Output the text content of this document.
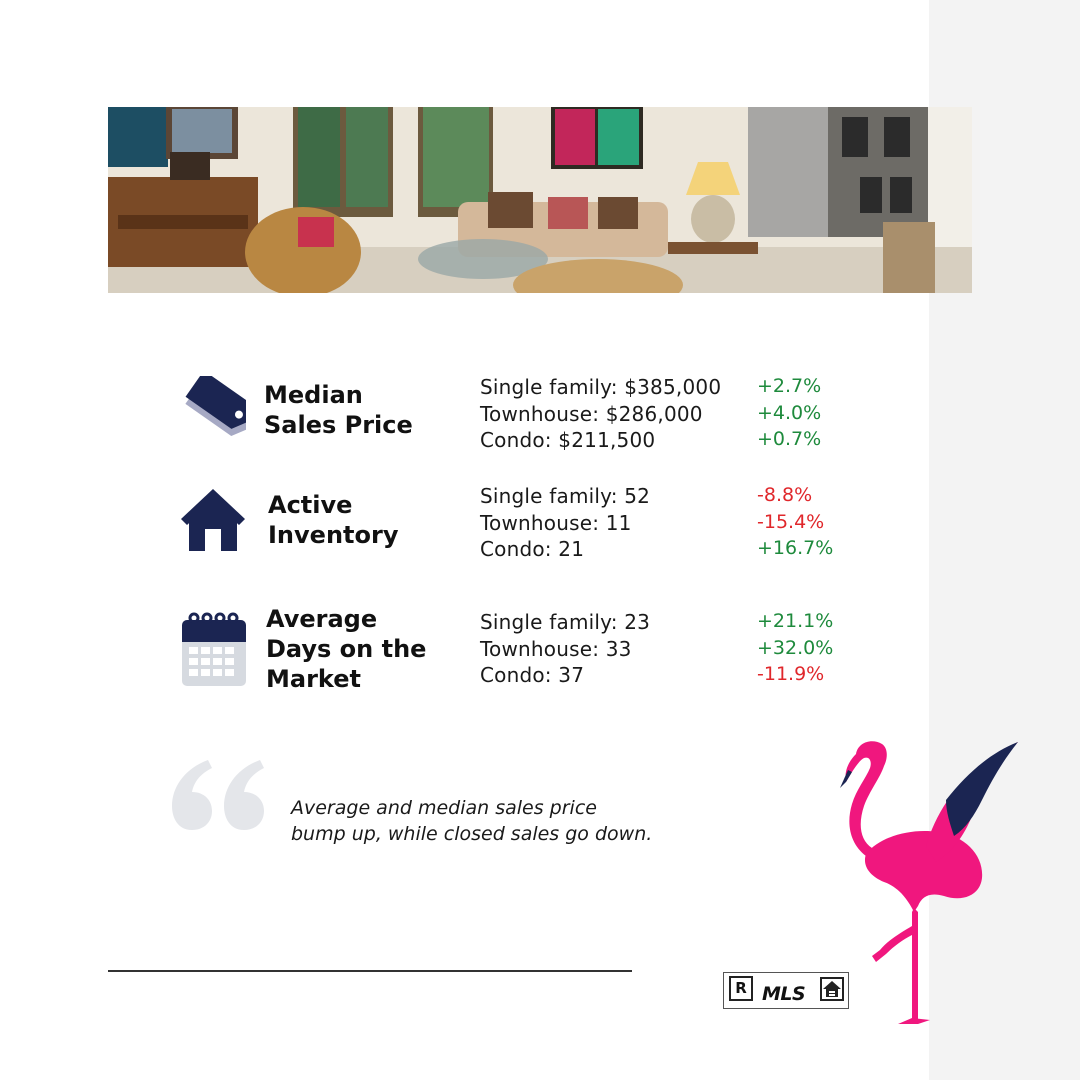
Median
Sales Price
Single family: $385,000
Townhouse: $286,000
Condo: $211,500
+2.7%
+4.0%
+0.7%
Active
Inventory
Single family: 52
Townhouse: 11
Condo: 21
-8.8%
-15.4%
+16.7%
Average
Days on the
Market
Single family: 23
Townhouse: 33
Condo: 37
+21.1%
+32.0%
-11.9%
Average and median sales price
bump up, while closed sales go down.
R MLS
